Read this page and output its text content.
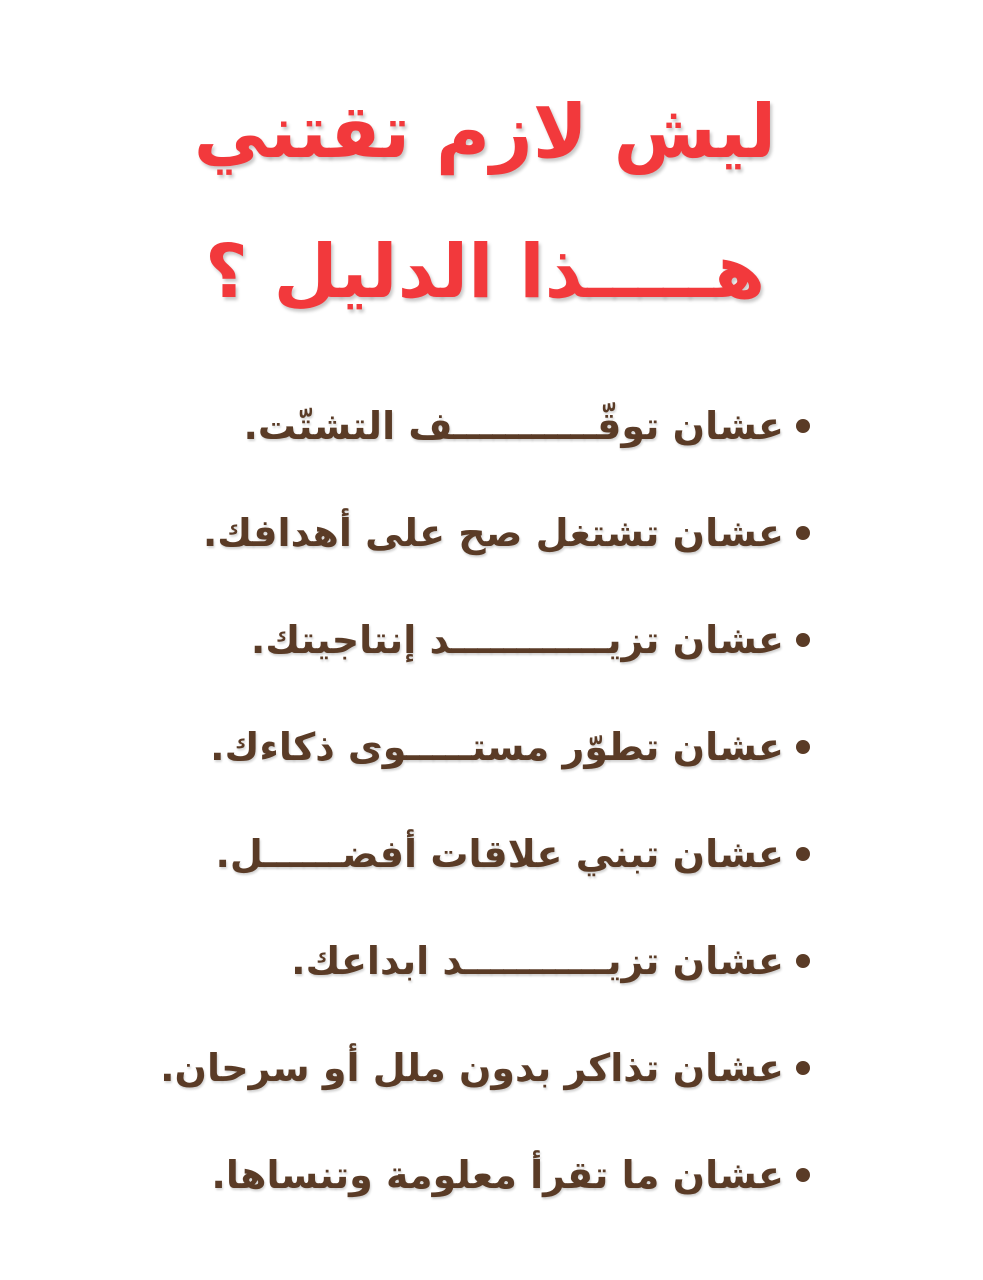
ليش لازم تقتني
هـــــذا الدليل ؟
عشان توقّـــــــــــف التشتّت.
عشان تشتغل صح على أهدافك.
عشان تزيــــــــــــد إنتاجيتك.
عشان تطوّر مستـــــوى ذكاءك.
عشان تبني علاقات أفضــــــل.
عشان تزيـــــــــــد ابداعك.
عشان تذاكر بدون ملل أو سرحان.
عشان ما تقرأ معلومة وتنساها.
